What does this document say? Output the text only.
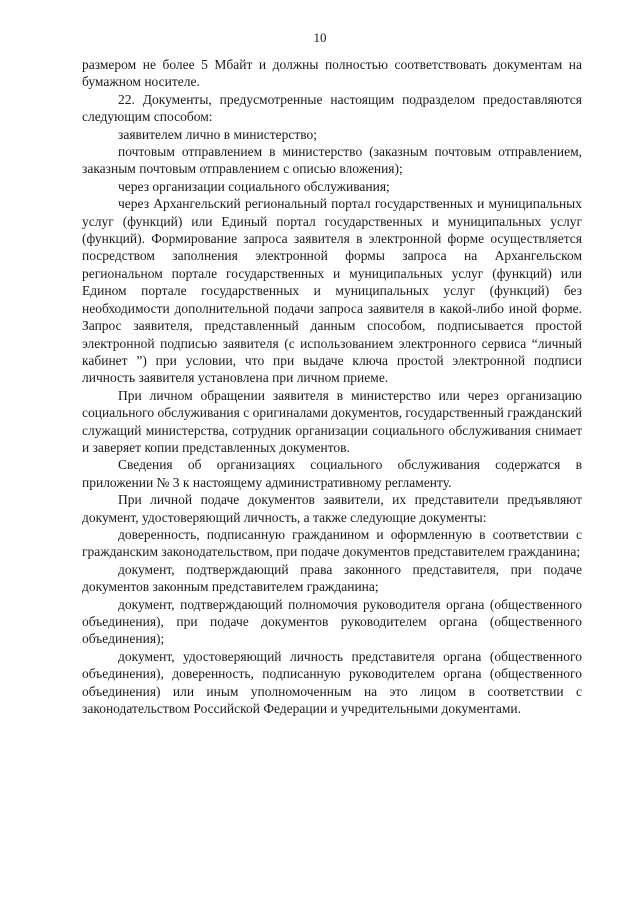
10

размером не более 5 Мбайт и должны полностью соответствовать документам на бумажном носителе.

22. Документы, предусмотренные настоящим подразделом предоставляются следующим способом:

заявителем лично в министерство;

почтовым отправлением в министерство (заказным почтовым отправлением, заказным почтовым отправлением с описью вложения);

через организации социального обслуживания;

через Архангельский региональный портал государственных и муниципальных услуг (функций) или Единый портал государственных и муниципальных услуг (функций). Формирование запроса заявителя в электронной форме осуществляется посредством заполнения электронной формы запроса на Архангельском региональном портале государственных и муниципальных услуг (функций) или Едином портале государственных и муниципальных услуг (функций) без необходимости дополнительной подачи запроса заявителя в какой-либо иной форме. Запрос заявителя, представленный данным способом, подписывается простой электронной подписью заявителя (с использованием электронного сервиса “личный кабинет ”) при условии, что при выдаче ключа простой электронной подписи личность заявителя установлена при личном приеме.

При личном обращении заявителя в министерство или через организацию социального обслуживания с оригиналами документов, государственный гражданский служащий министерства, сотрудник организации социального обслуживания снимает и заверяет копии представленных документов.

Сведения об организациях социального обслуживания содержатся в приложении № 3 к настоящему административному регламенту.

При личной подаче документов заявители, их представители предъявляют документ, удостоверяющий личность, а также следующие документы:

доверенность, подписанную гражданином и оформленную в соответствии с гражданским законодательством, при подаче документов представителем гражданина;

документ, подтверждающий права законного представителя, при подаче документов законным представителем гражданина;

документ, подтверждающий полномочия руководителя органа (общественного объединения), при подаче документов руководителем органа (общественного объединения);

документ, удостоверяющий личность представителя органа (общественного объединения), доверенность, подписанную руководителем органа (общественного объединения) или иным уполномоченным на это лицом в соответствии с законодательством Российской Федерации и учредительными документами.
